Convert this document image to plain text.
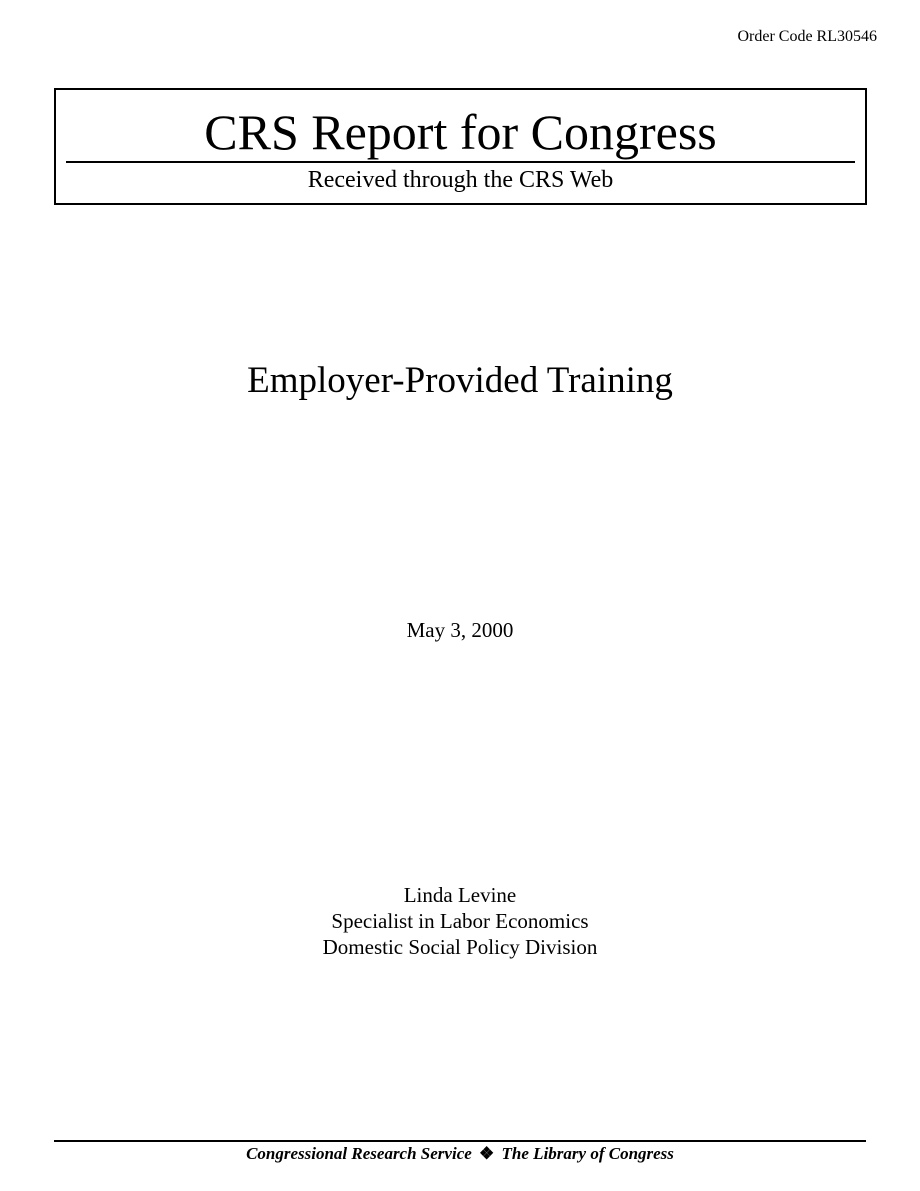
Order Code RL30546
CRS Report for Congress
Received through the CRS Web
Employer-Provided Training
May 3, 2000
Linda Levine
Specialist in Labor Economics
Domestic Social Policy Division
Congressional Research Service ❖ The Library of Congress
